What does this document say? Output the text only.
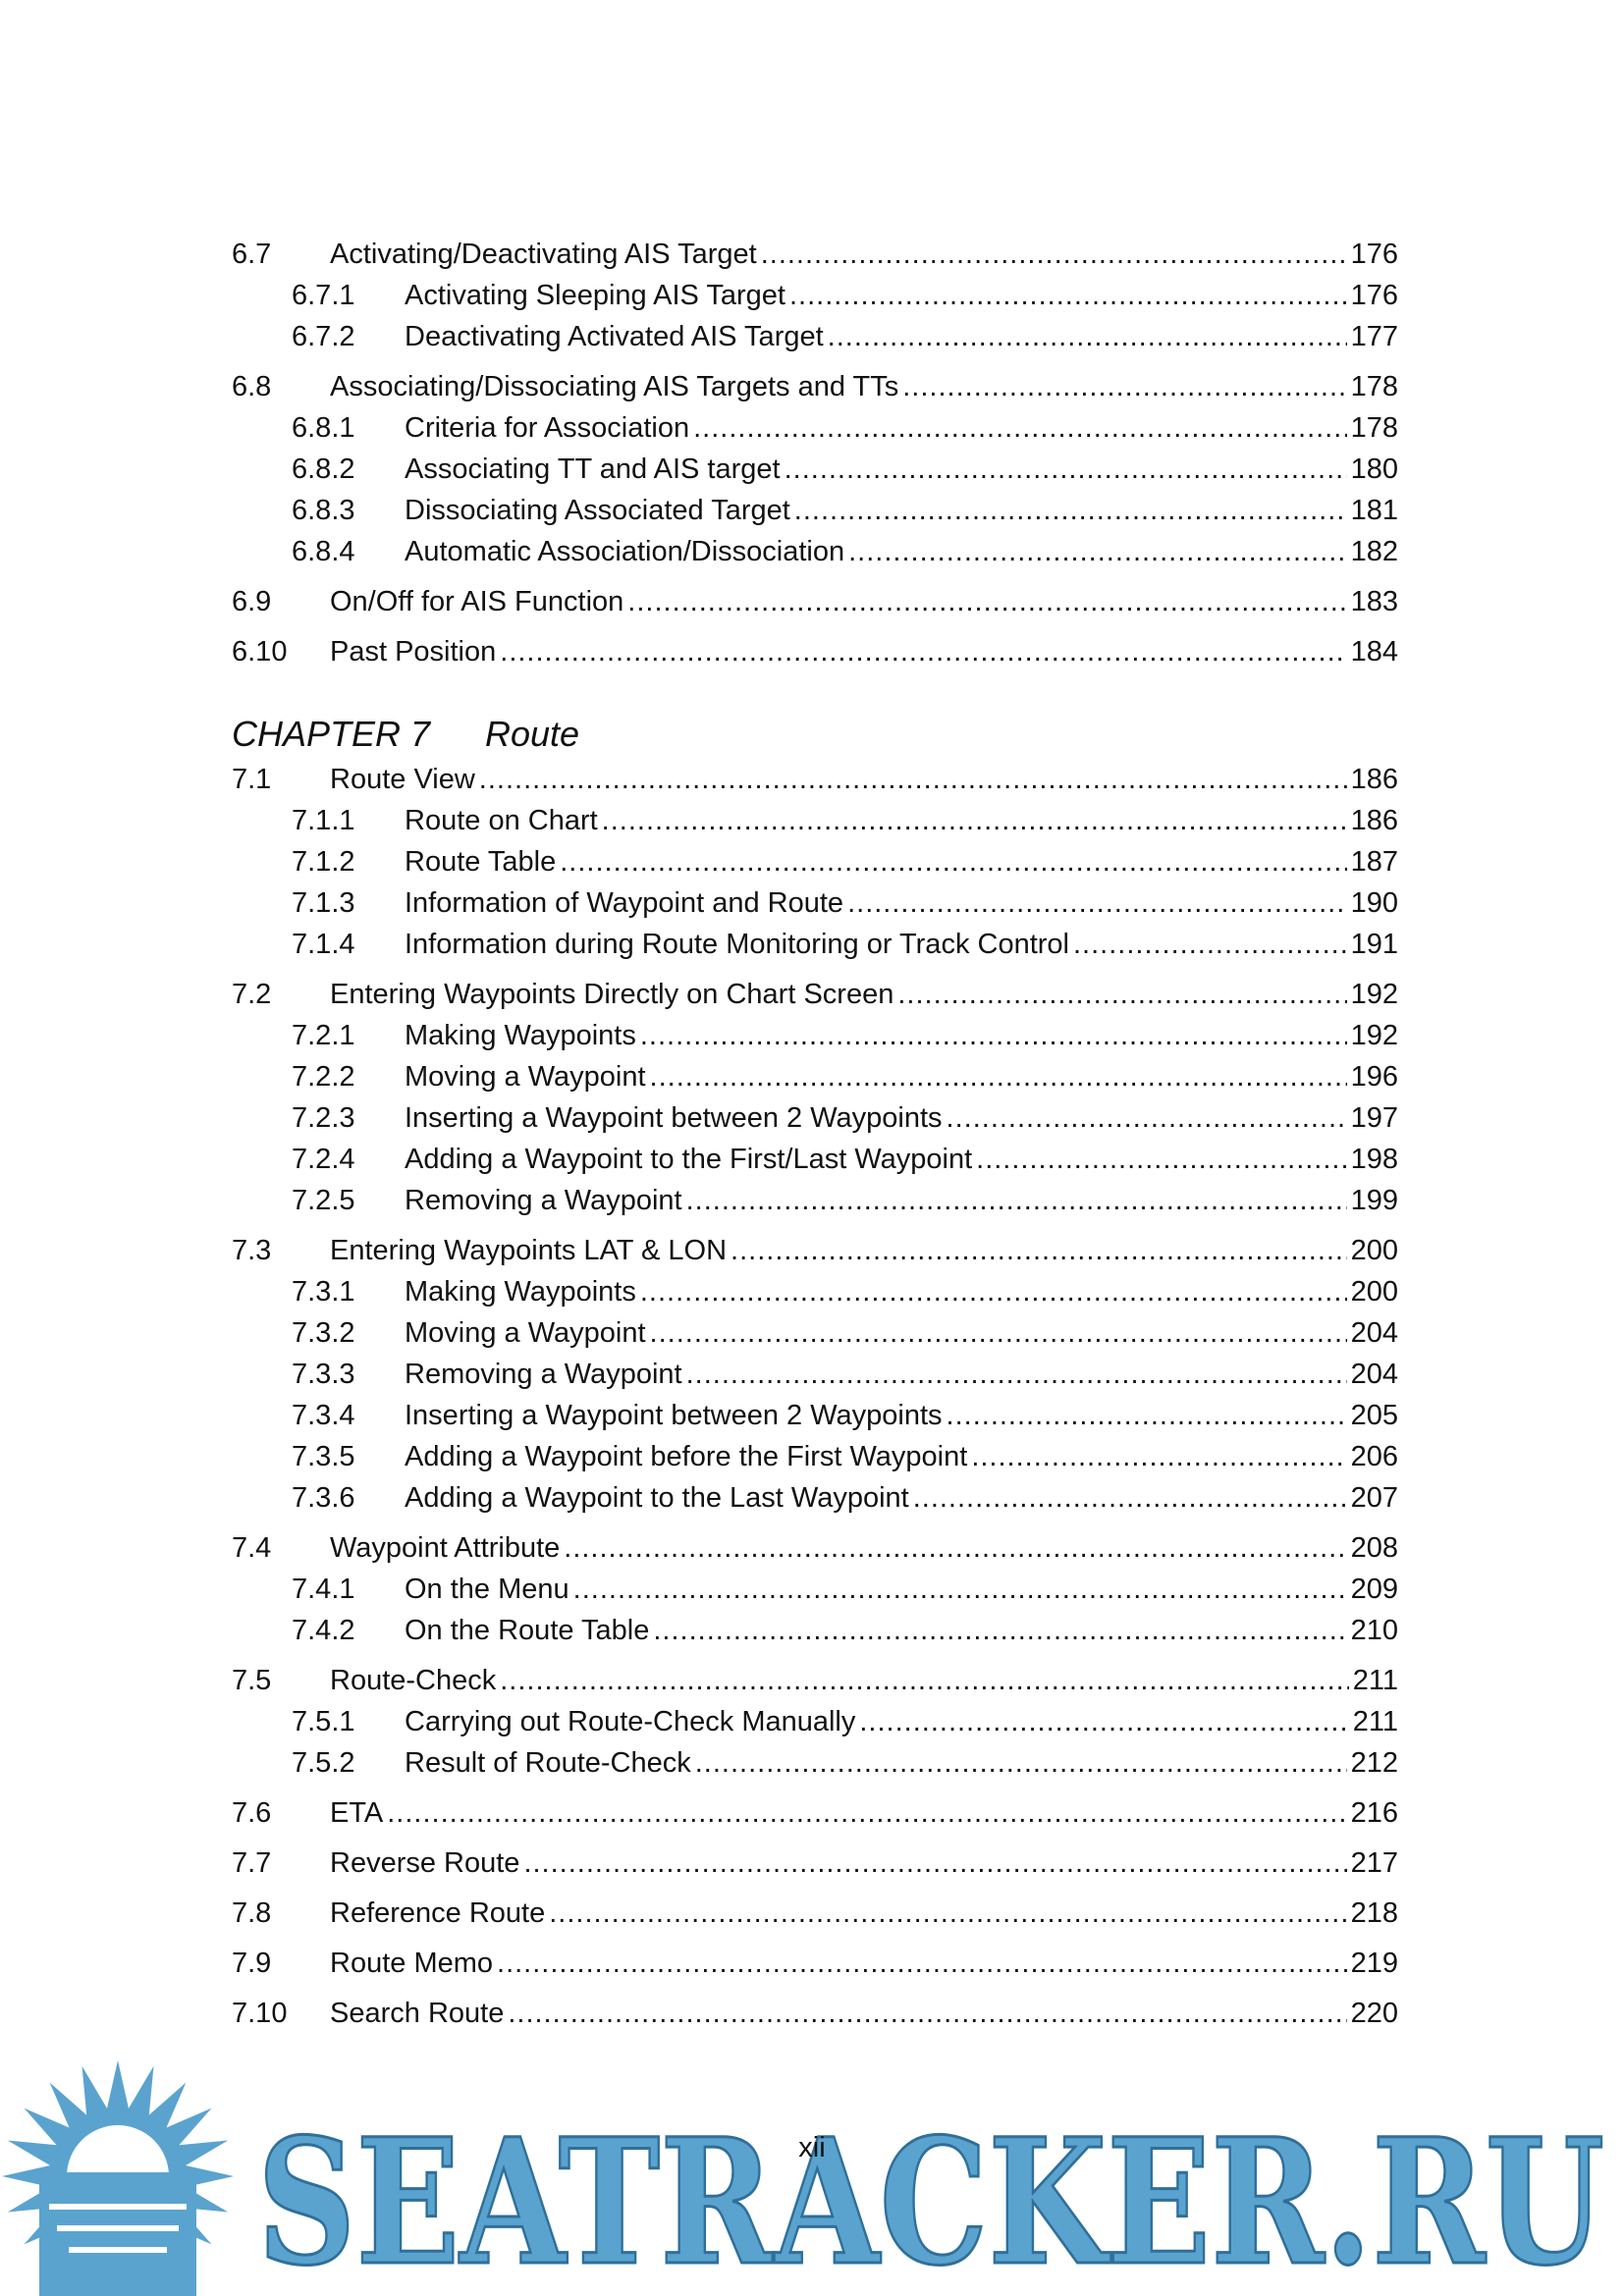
6.7	Activating/Deactivating AIS Target .....	176
6.7.1	Activating Sleeping AIS Target .....	176
6.7.2	Deactivating Activated AIS Target .....	177
6.8	Associating/Dissociating AIS Targets and TTs .....	178
6.8.1	Criteria for Association .....	178
6.8.2	Associating TT and AIS target .....	180
6.8.3	Dissociating Associated Target .....	181
6.8.4	Automatic Association/Dissociation .....	182
6.9	On/Off for AIS Function .....	183
6.10	Past Position .....	184
CHAPTER 7 Route
7.1	Route View .....	186
7.1.1	Route on Chart .....	186
7.1.2	Route Table .....	187
7.1.3	Information of Waypoint and Route .....	190
7.1.4	Information during Route Monitoring or Track Control .....	191
7.2	Entering Waypoints Directly on Chart Screen .....	192
7.2.1	Making Waypoints .....	192
7.2.2	Moving a Waypoint .....	196
7.2.3	Inserting a Waypoint between 2 Waypoints .....	197
7.2.4	Adding a Waypoint to the First/Last Waypoint .....	198
7.2.5	Removing a Waypoint .....	199
7.3	Entering Waypoints LAT & LON .....	200
7.3.1	Making Waypoints .....	200
7.3.2	Moving a Waypoint .....	204
7.3.3	Removing a Waypoint .....	204
7.3.4	Inserting a Waypoint between 2 Waypoints .....	205
7.3.5	Adding a Waypoint before the First Waypoint .....	206
7.3.6	Adding a Waypoint to the Last Waypoint .....	207
7.4	Waypoint Attribute .....	208
7.4.1	On the Menu .....	209
7.4.2	On the Route Table .....	210
7.5	Route-Check .....	211
7.5.1	Carrying out Route-Check Manually .....	211
7.5.2	Result of Route-Check .....	212
7.6	ETA .....	216
7.7	Reverse Route .....	217
7.8	Reference Route .....	218
7.9	Route Memo .....	219
7.10	Search Route .....	220
SEATRACKER.RU
xii
